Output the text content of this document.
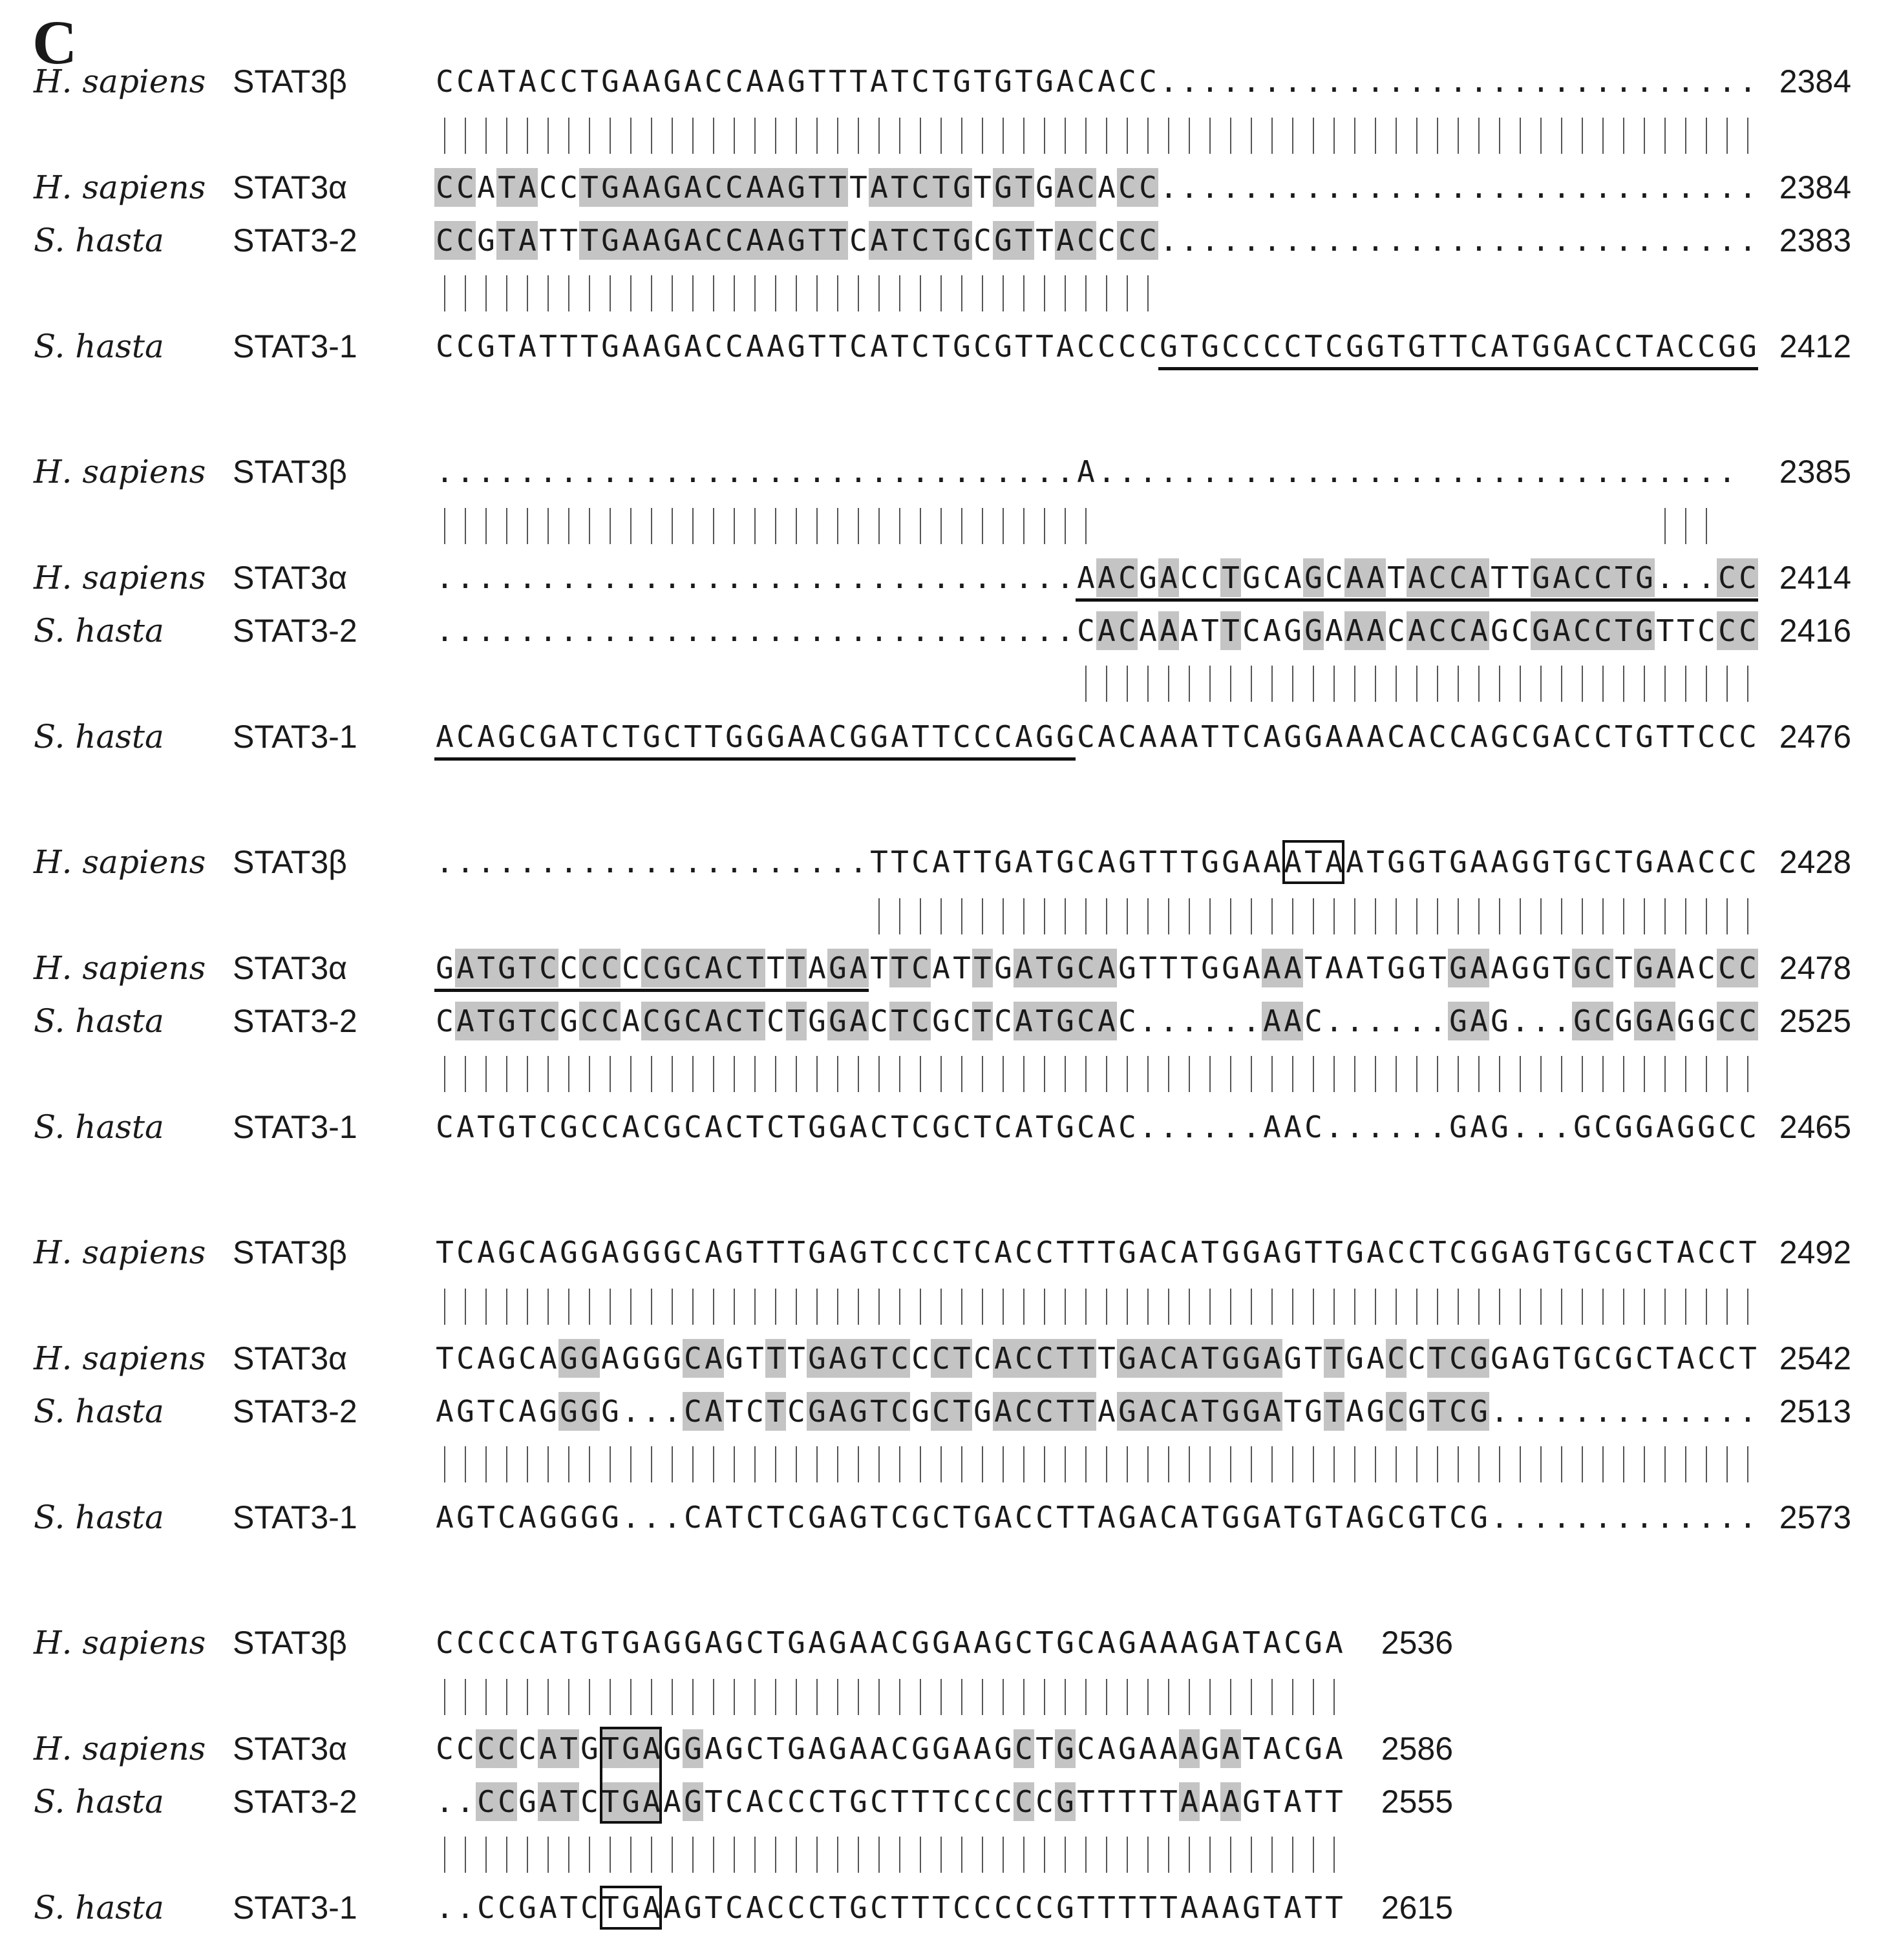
C
H. sapiens STAT3β	C C A T A C C T G A A G A C C A A G T T T A T C T G T G T G A C A C C . . . . . . . . . . . . . . . . . . . . . . . . . . . . . 2384
H. sapiens STAT3α	C C A T A C C T G A A G A C C A A G T T T A T C T G T G T G A C A C C . . . . . . . . . . . . . . . . . . . . . . . . . . . . . 2384
S. hasta STAT3-2	C C G T A T T T G A A G A C C A A G T T C A T C T G C G T T A C C C C . . . . . . . . . . . . . . . . . . . . . . . . . . . . . 2383
S. hasta STAT3-1	C C G T A T T T G A A G A C C A A G T T C A T C T G C G T T A C C C C G T G C C C C T C G G T G T T C A T G G A C C T A C C G G 2412
H. sapiens STAT3β	. . . . . . . . . . . . . . . . . . . . . . . . . . . . . . . A . . . . . . . . . . . . . . . . . . . . . . . . . . . . . . .	2385
H. sapiens STAT3α	. . . . . . . . . . . . . . . . . . . . . . . . . . . . . . . A A C G A C C T G C A G C A A T A C C A T T G A C C T G . . . C C 2414
S. hasta STAT3-2	. . . . . . . . . . . . . . . . . . . . . . . . . . . . . . . C A C A A A T T C A G G A A A C A C C A G C G A C C T G T T C C C 2416
S. hasta STAT3-1	A C A G C G A T C T G C T T G G G A A C G G A T T C C C A G G C A C A A A T T C A G G A A A C A C C A G C G A C C T G T T C C C 2476
H. sapiens STAT3β	. . . . . . . . . . . . . . . . . . . . . T T C A T T G A T G C A G T T T G G A A A T A A T G G T G A A G G T G C T G A A C C C 2428
H. sapiens STAT3α	G A T G T C C C C C C G C A C T T T A G A T T C A T T G A T G C A G T T T G G A A A T A A T G G T G A A G G T G C T G A A C C C 2478
S. hasta STAT3-2	C A T G T C G C C A C G C A C T C T G G A C T C G C T C A T G C A C . . . . . . A A C . . . . . . G A G . . . G C G G A G G C C 2525
S. hasta STAT3-1	C A T G T C G C C A C G C A C T C T G G A C T C G C T C A T G C A C . . . . . . A A C . . . . . . G A G . . . G C G G A G G C C 2465
H. sapiens STAT3β	T C A G C A G G A G G G C A G T T T G A G T C C C T C A C C T T T G A C A T G G A G T T G A C C T C G G A G T G C G C T A C C T 2492
H. sapiens STAT3α	T C A G C A G G A G G G C A G T T T G A G T C C C T C A C C T T T G A C A T G G A G T T G A C C T C G G A G T G C G C T A C C T 2542
S. hasta STAT3-2	A G T C A G G G G . . . C A T C T C G A G T C G C T G A C C T T A G A C A T G G A T G T A G C G T C G . . . . . . . . . . . . . 2513
S. hasta STAT3-1	A G T C A G G G G . . . C A T C T C G A G T C G C T G A C C T T A G A C A T G G A T G T A G C G T C G . . . . . . . . . . . . . 2573
H. sapiens STAT3β	C C C C C A T G T G A G G A G C T G A G A A C G G A A G C T G C A G A A A G A T A C G A	2536
H. sapiens STAT3α	C C C C C A T G T G A G G A G C T G A G A A C G G A A G C T G C A G A A A G A T A C G A	2586
S. hasta STAT3-2	. . C C G A T C T G A A G T C A C C C T G C T T T C C C C C G T T T T T A A A G T A T T	2555
S. hasta STAT3-1	. . C C G A T C T G A A G T C A C C C T G C T T T C C C C C G T T T T T A A A G T A T T	2615
